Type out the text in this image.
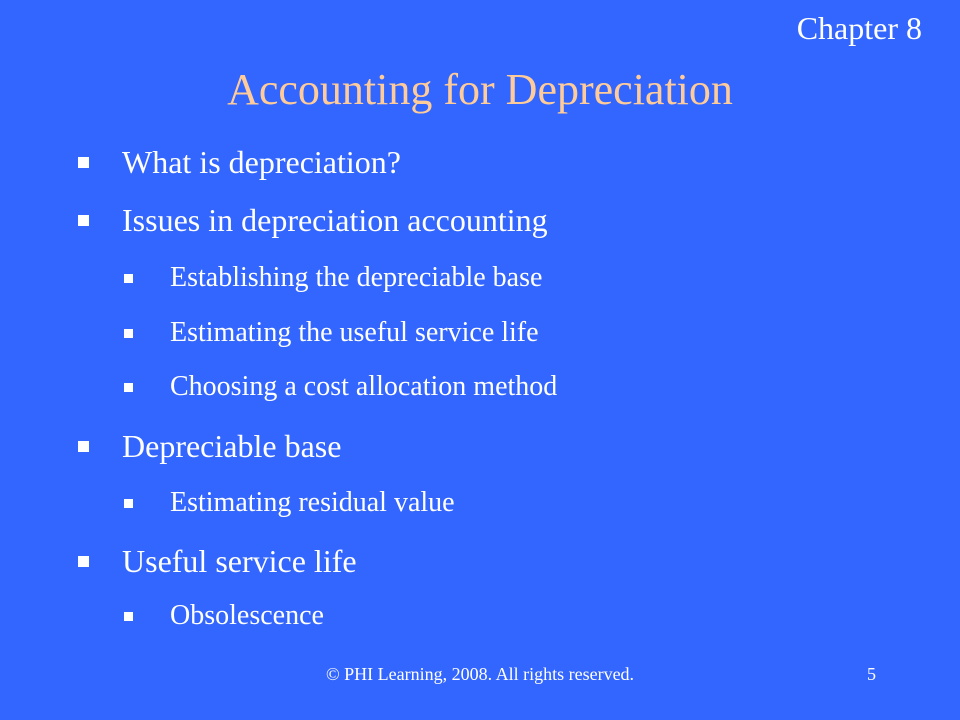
Chapter 8
Accounting for Depreciation
What is depreciation?
Issues in depreciation accounting
Establishing the depreciable base
Estimating the useful service life
Choosing a cost allocation method
Depreciable base
Estimating residual value
Useful service life
Obsolescence
© PHI Learning, 2008. All rights reserved.	5
